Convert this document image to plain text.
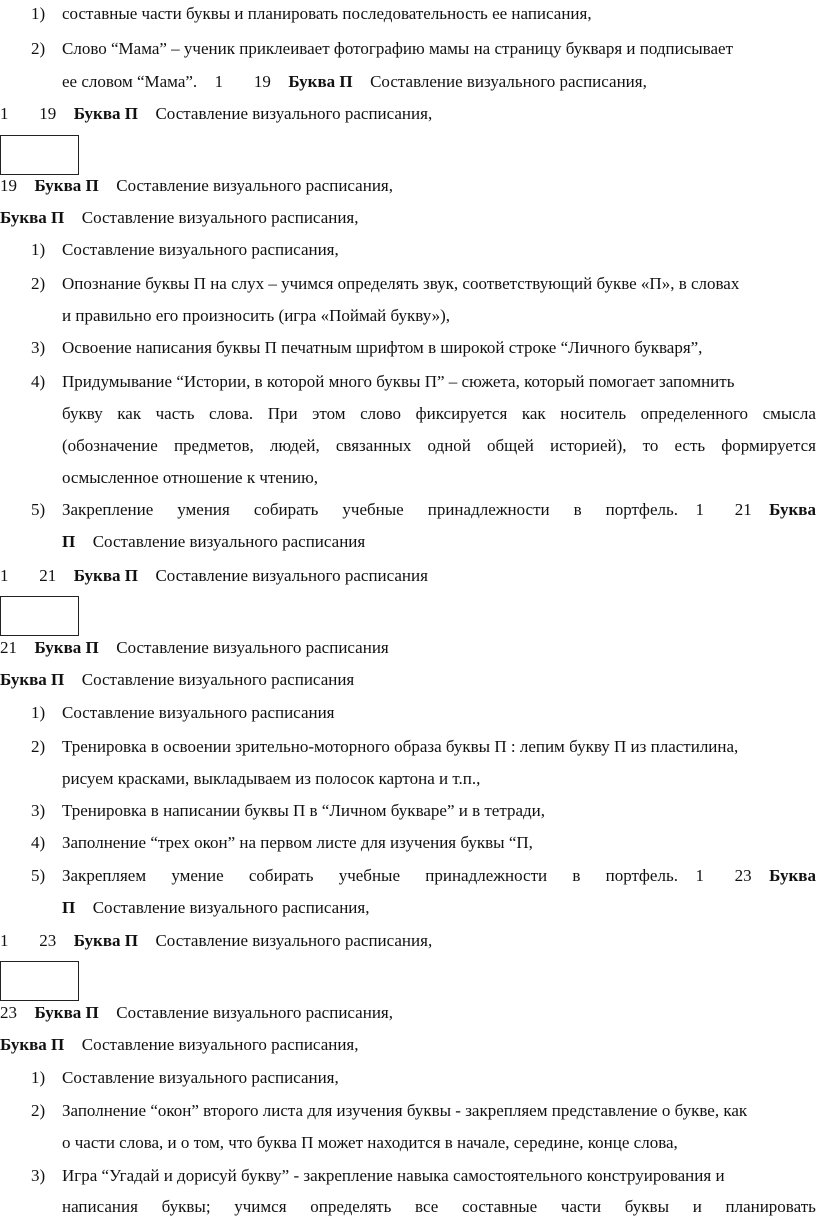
1) составные части буквы и планировать последовательность ее написания,
2) Слово “Мама” – ученик приклеивает фотографию мамы на страницу букваря и подписывает
ее словом “Мама”.  1   19  Буква П  Составление визуального расписания,
1   19  Буква П  Составление визуального расписания,
19  Буква П  Составление визуального расписания,
Буква П  Составление визуального расписания,
1) Составление визуального расписания,
2) Опознание буквы П на слух – учимся определять звук, соответствующий букве «П», в словах
и правильно его произносить (игра «Поймай букву»),
3) Освоение написания буквы П печатным шрифтом в широкой строке “Личного букваря”,
4) Придумывание “Истории, в которой много буквы П” – сюжета, который помогает запомнить
букву как часть слова. При этом слово фиксируется как носитель определенного смысла
(обозначение предметов, людей, связанных одной общей историей), то есть формируется
осмысленное отношение к чтению,
5) Закрепление умения собирать учебные принадлежности в портфель.  1   21  Буква
П  Составление визуального расписания
1   21  Буква П  Составление визуального расписания
21  Буква П  Составление визуального расписания
Буква П  Составление визуального расписания
1) Составление визуального расписания
2) Тренировка в освоении зрительно-моторного образа буквы П : лепим букву П из пластилина,
рисуем красками, выкладываем из полосок картона и т.п.,
3) Тренировка в написании буквы П в “Личном букваре” и в тетради,
4) Заполнение “трех окон” на первом листе для изучения буквы “П,
5) Закрепляем умение собирать учебные принадлежности в портфель.  1   23  Буква
П  Составление визуального расписания,
1   23  Буква П  Составление визуального расписания,
23  Буква П  Составление визуального расписания,
Буква П  Составление визуального расписания,
1) Составление визуального расписания,
2) Заполнение “окон” второго листа для изучения буквы - закрепляем представление о букве, как
о части слова, и о том, что буква П может находится в начале, середине, конце слова,
3) Игра “Угадай и дорисуй букву” - закрепление навыка самостоятельного конструирования и
написания буквы; учимся определять все составные части буквы и планировать
